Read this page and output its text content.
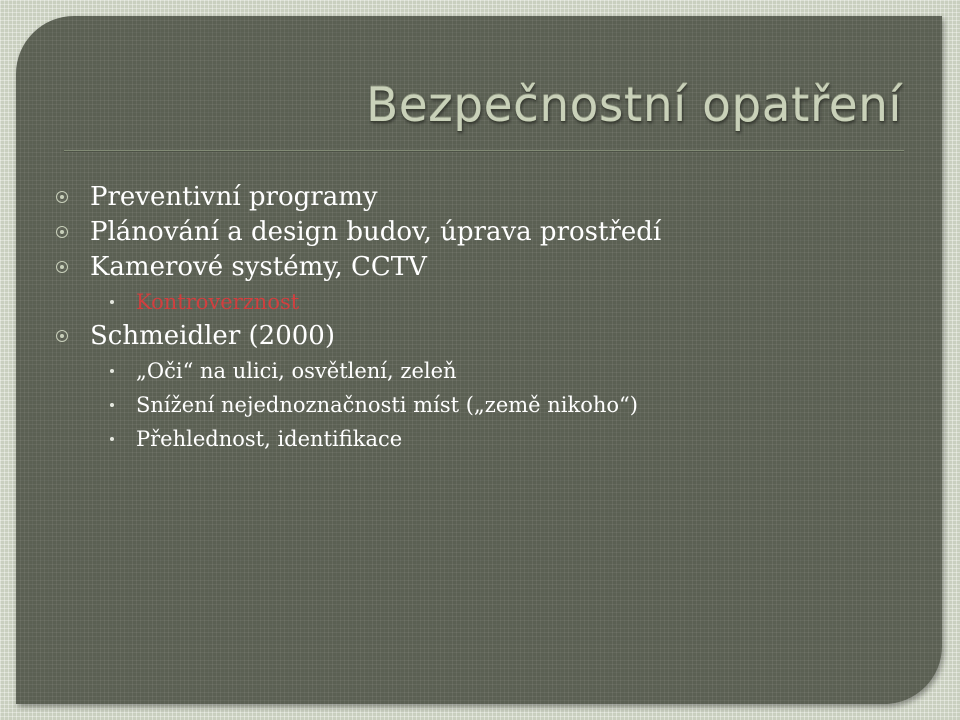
Bezpečnostní opatření
Preventivní programy
Plánování a design budov, úprava prostředí
Kamerové systémy, CCTV
Kontroverznost
Schmeidler (2000)
„Oči“ na ulici, osvětlení, zeleň
Snížení nejednoznačnosti míst („země nikoho“)
Přehlednost, identifikace
